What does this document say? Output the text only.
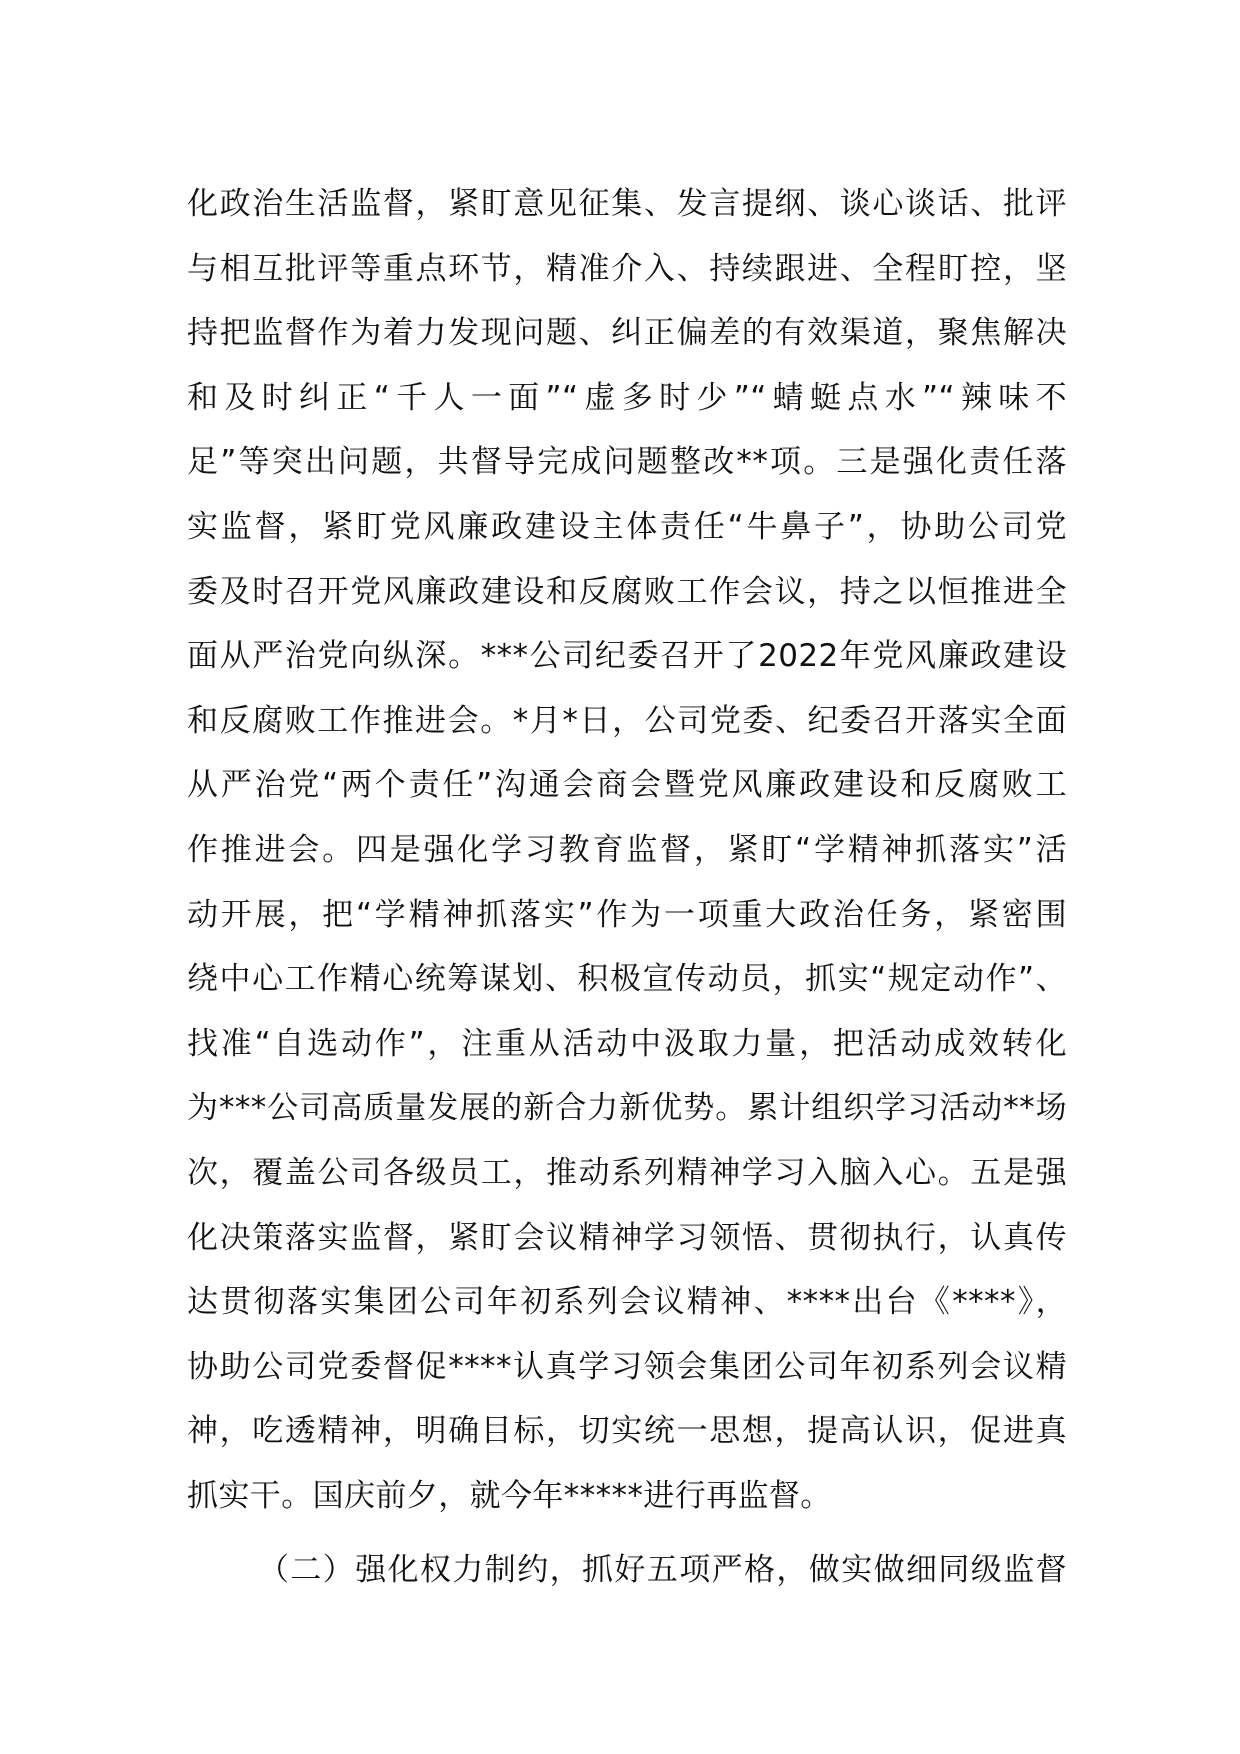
化政治生活监督，紧盯意见征集、发言提纲、谈心谈话、批评
与相互批评等重点环节，精准介入、持续跟进、全程盯控，坚
持把监督作为着力发现问题、纠正偏差的有效渠道，聚焦解决
和及时纠正“千人一面”“虚多时少”“蜻蜓点水”“辣味不
足”等突出问题，共督导完成问题整改**项。三是强化责任落
实监督，紧盯党风廉政建设主体责任“牛鼻子”，协助公司党
委及时召开党风廉政建设和反腐败工作会议，持之以恒推进全
面从严治党向纵深。***公司纪委召开了2022年党风廉政建设
和反腐败工作推进会。*月*日，公司党委、纪委召开落实全面
从严治党“两个责任”沟通会商会暨党风廉政建设和反腐败工
作推进会。四是强化学习教育监督，紧盯“学精神抓落实”活
动开展，把“学精神抓落实”作为一项重大政治任务，紧密围
绕中心工作精心统筹谋划、积极宣传动员，抓实“规定动作”、
找准“自选动作”，注重从活动中汲取力量，把活动成效转化
为***公司高质量发展的新合力新优势。累计组织学习活动**场
次，覆盖公司各级员工，推动系列精神学习入脑入心。五是强
化决策落实监督，紧盯会议精神学习领悟、贯彻执行，认真传
达贯彻落实集团公司年初系列会议精神、****出台《****》，
协助公司党委督促****认真学习领会集团公司年初系列会议精
神，吃透精神，明确目标，切实统一思想，提高认识，促进真
抓实干。国庆前夕，就今年*****进行再监督。
（二）强化权力制约，抓好五项严格，做实做细同级监督
